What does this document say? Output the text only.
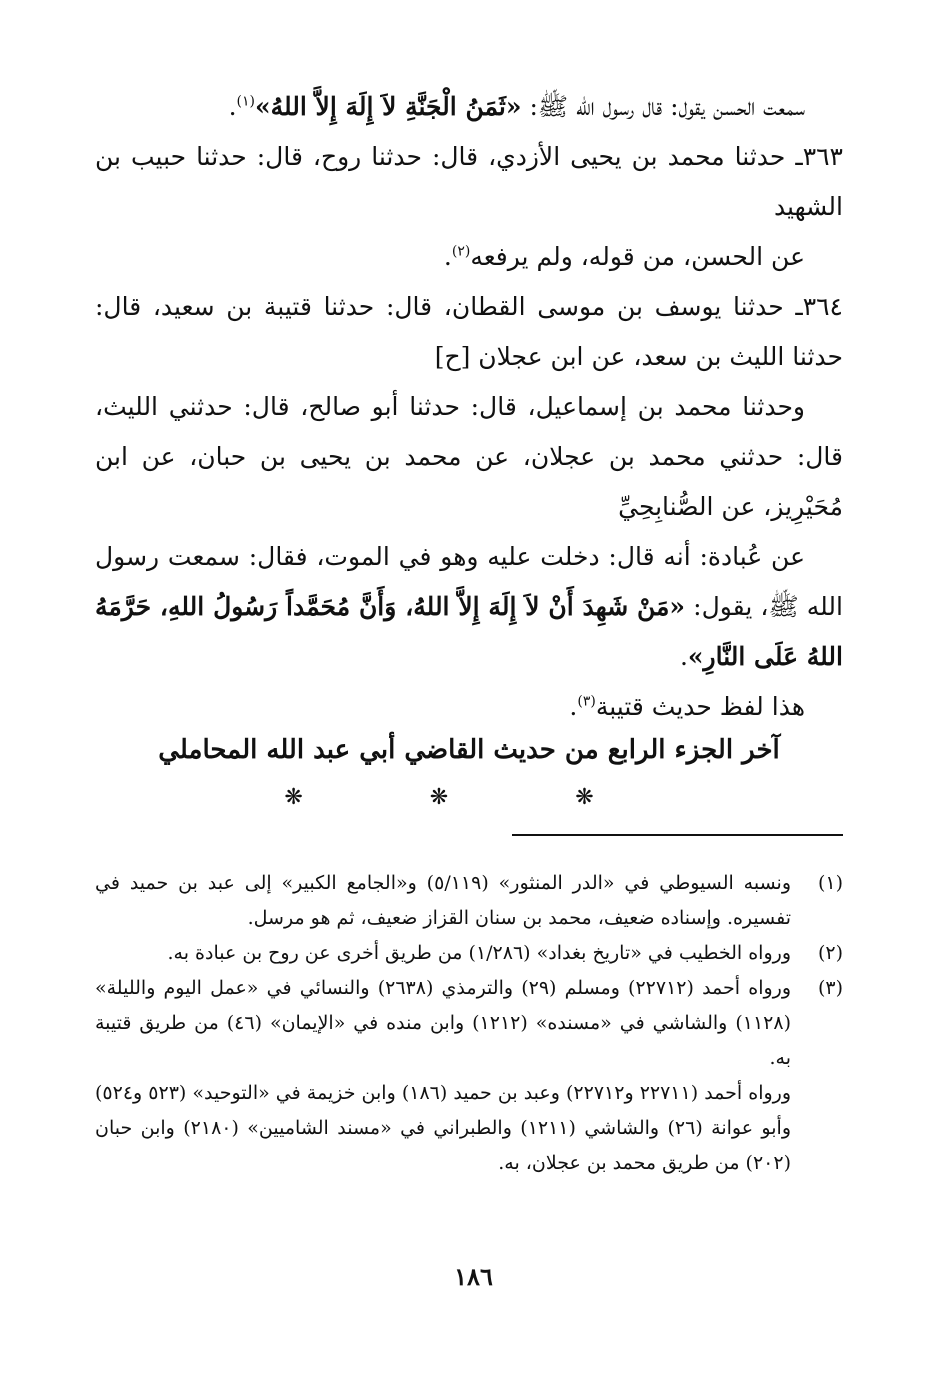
سمعت الحسن يقول: قال رسول الله ﷺ: «ثَمَنُ الْجَنَّةِ لاَ إِلَهَ إِلاَّ اللهُ»$^{(١)}$.

٣٦٣ـ حدثنا محمد بن يحيى الأزدي، قال: حدثنا روح، قال: حدثنا حبيب بن الشهيد

عن الحسن، من قوله، ولم يرفعه$^{(٢)}$.

٣٦٤ـ حدثنا يوسف بن موسى القطان، قال: حدثنا قتيبة بن سعيد، قال: حدثنا الليث بن سعد، عن ابن عجلان [ح]

وحدثنا محمد بن إسماعيل، قال: حدثنا أبو صالح، قال: حدثني الليث، قال: حدثني محمد بن عجلان، عن محمد بن يحيى بن حبان، عن ابن مُحَيْرِيز، عن الصُّنابِحِيِّ

عن عُبادة: أنه قال: دخلت عليه وهو في الموت، فقال: سمعت رسول الله ﷺ، يقول: «مَنْ شَهِدَ أَنْ لاَ إِلَهَ إِلاَّ اللهُ، وَأَنَّ مُحَمَّداً رَسُولُ اللهِ، حَرَّمَهُ اللهُ عَلَى النَّارِ».

هذا لفظ حديث قتيبة$^{(٣)}$.

آخر الجزء الرابع من حديث القاضي أبي عبد الله المحاملي
❋ ❋ ❋

(١)
ونسبه السيوطي في «الدر المنثور» (٥/١١٩) و«الجامع الكبير» إلى عبد بن حميد في تفسيره. وإسناده ضعيف، محمد بن سنان القزاز ضعيف، ثم هو مرسل.

(٢)
ورواه الخطيب في «تاريخ بغداد» (١/٢٨٦) من طريق أخرى عن روح بن عبادة به.

(٣)
ورواه أحمد (٢٢٧١٢) ومسلم (٢٩) والترمذي (٢٦٣٨) والنسائي في «عمل اليوم والليلة» (١١٢٨) والشاشي في «مسنده» (١٢١٢) وابن منده في «الإيمان» (٤٦) من طريق قتيبة به.

ورواه أحمد (٢٢٧١١ و٢٢٧١٢) وعبد بن حميد (١٨٦) وابن خزيمة في «التوحيد» (٥٢٣ و٥٢٤) وأبو عوانة (٢٦) والشاشي (١٢١١) والطبراني في «مسند الشاميين» (٢١٨٠) وابن حبان (٢٠٢) من طريق محمد بن عجلان، به.

١٨٦
